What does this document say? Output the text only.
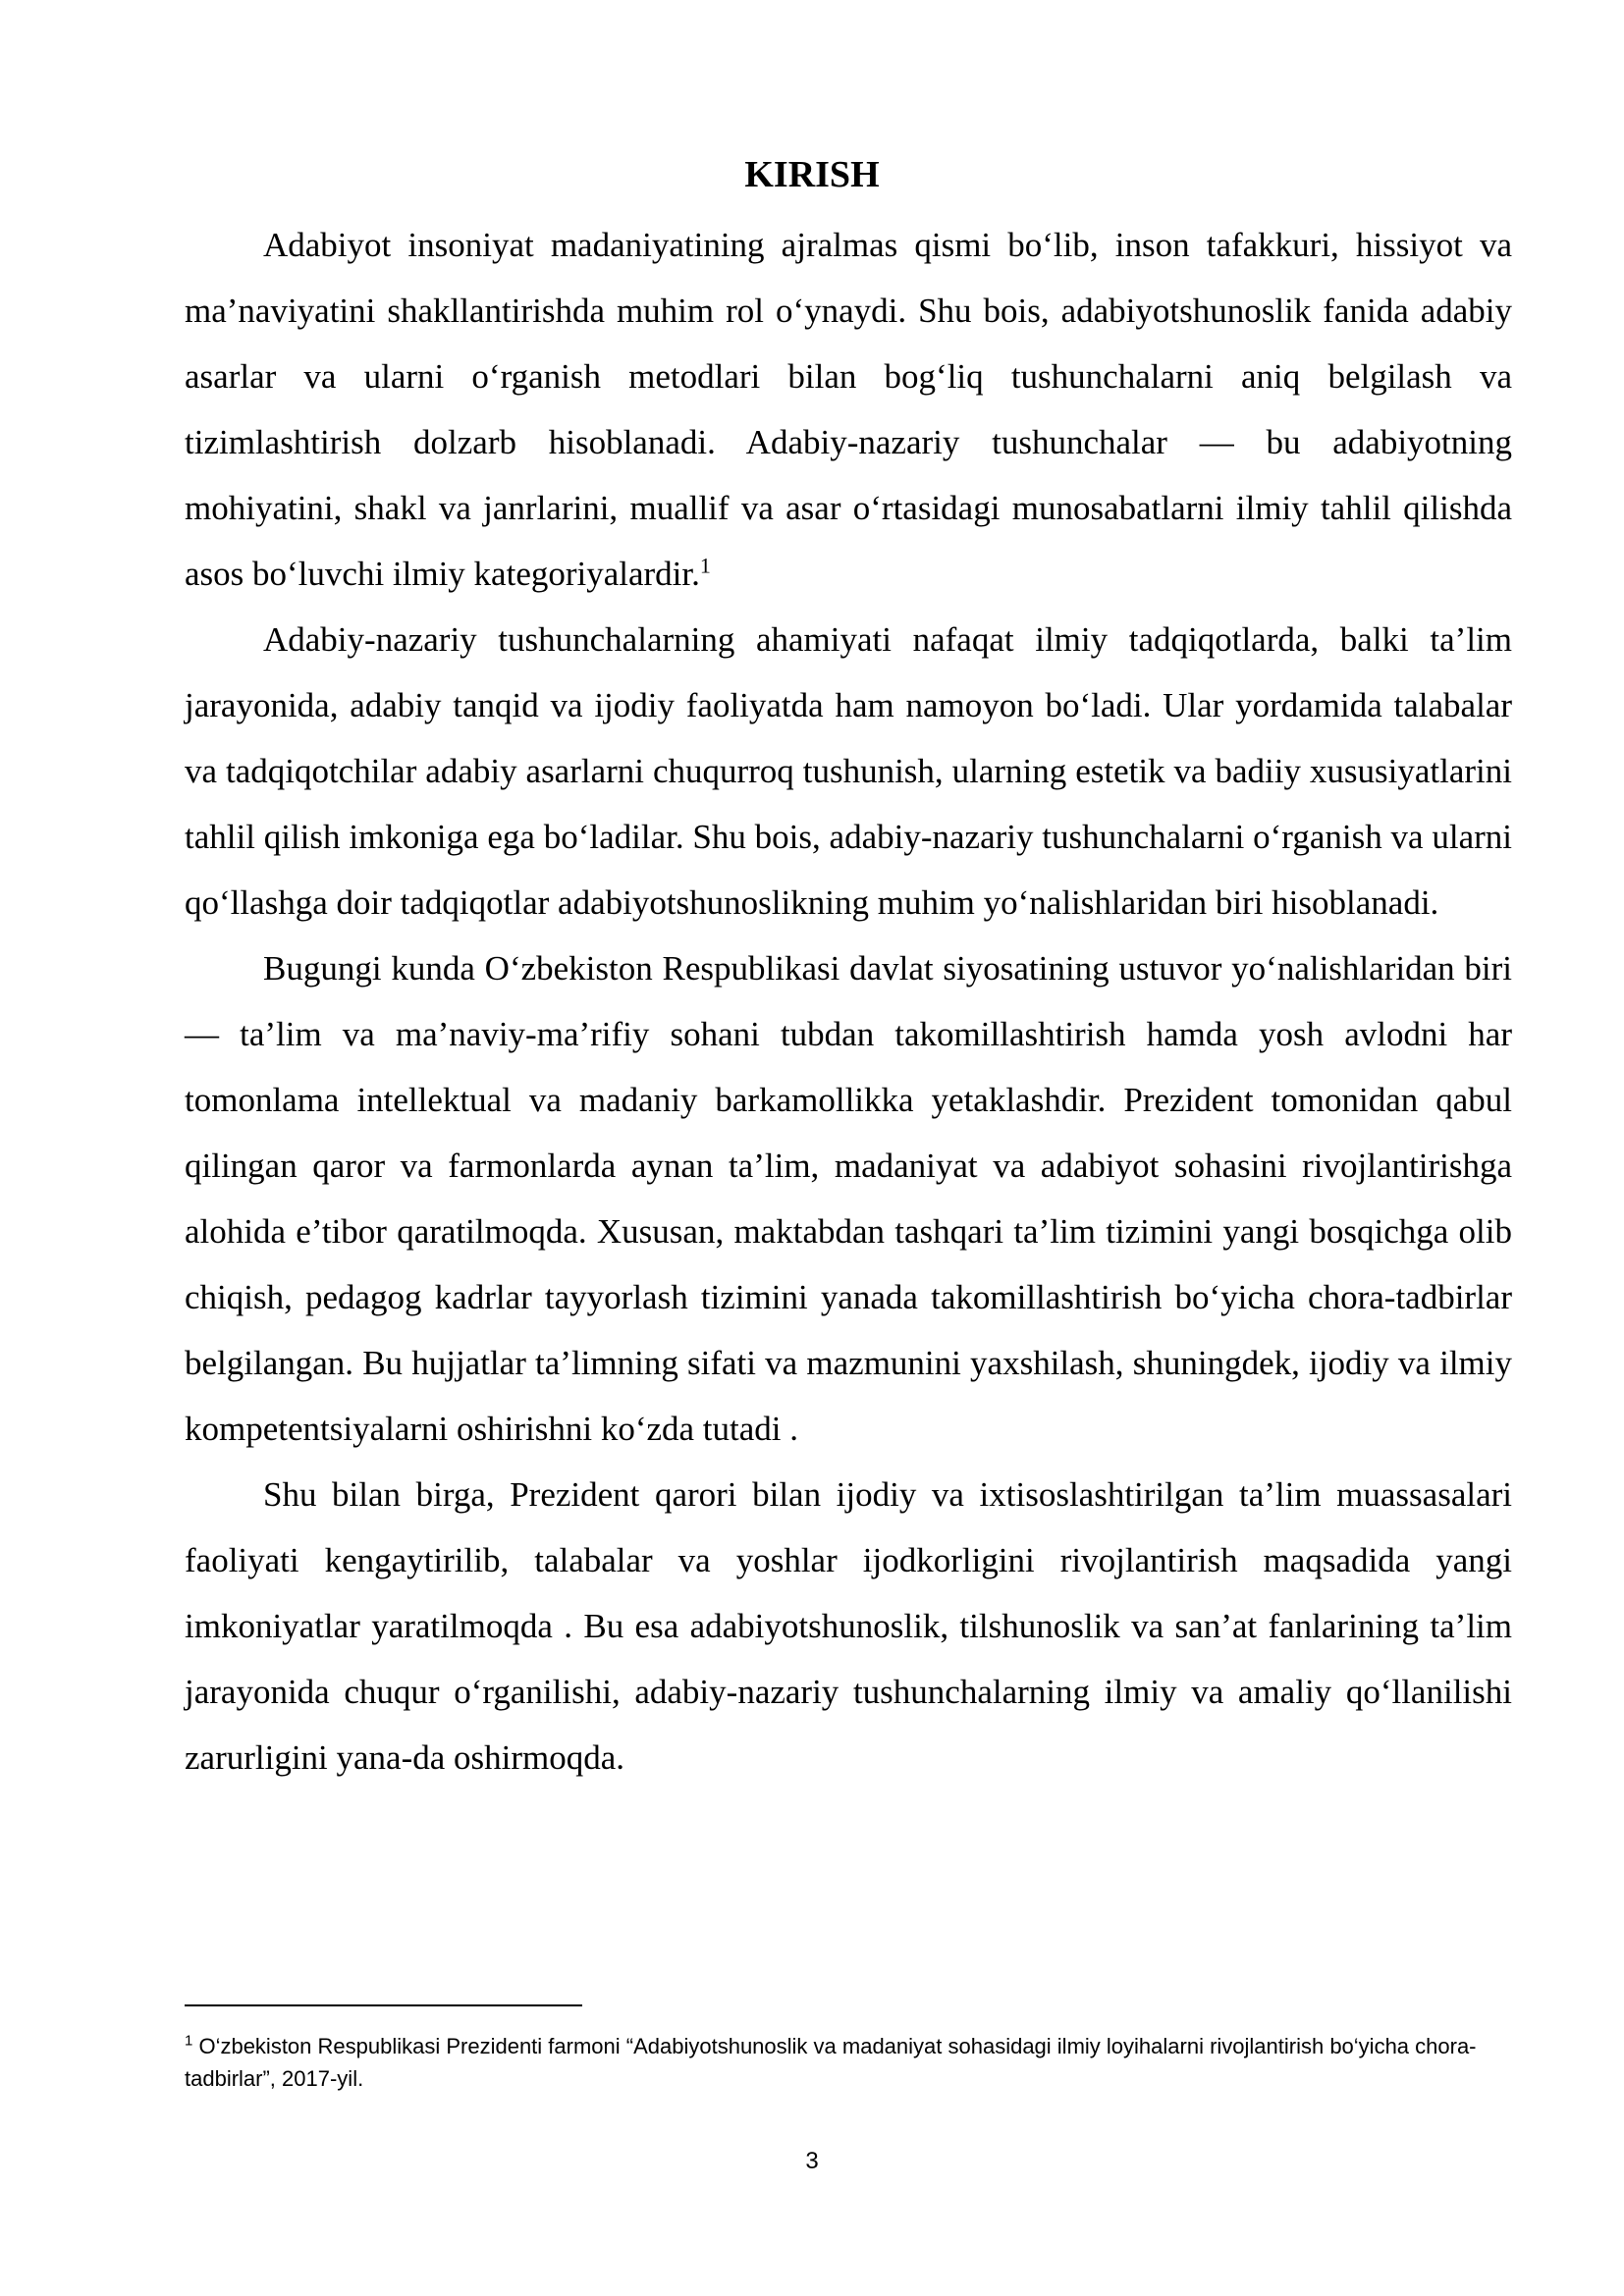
KIRISH

Adabiyot insoniyat madaniyatining ajralmas qismi bo‘lib, inson tafakkuri, hissiyot va ma’naviyatini shakllantirishda muhim rol o‘ynaydi. Shu bois, adabiyotshunoslik fanida adabiy asarlar va ularni o‘rganish metodlari bilan bog‘liq tushunchalarni aniq belgilash va tizimlashtirish dolzarb hisoblanadi. Adabiy-nazariy tushunchalar — bu adabiyotning mohiyatini, shakl va janrlarini, muallif va asar o‘rtasidagi munosabatlarni ilmiy tahlil qilishda asos bo‘luvchi ilmiy kategoriyalardir.$^1$

Adabiy-nazariy tushunchalarning ahamiyati nafaqat ilmiy tadqiqotlarda, balki ta’lim jarayonida, adabiy tanqid va ijodiy faoliyatda ham namoyon bo‘ladi. Ular yordamida talabalar va tadqiqotchilar adabiy asarlarni chuqurroq tushunish, ularning estetik va badiiy xususiyatlarini tahlil qilish imkoniga ega bo‘ladilar. Shu bois, adabiy-nazariy tushunchalarni o‘rganish va ularni qo‘llashga doir tadqiqotlar adabiyotshunoslikning muhim yo‘nalishlaridan biri hisoblanadi.

Bugungi kunda O‘zbekiston Respublikasi davlat siyosatining ustuvor yo‘nalishlaridan biri — ta’lim va ma’naviy-ma’rifiy sohani tubdan takomillashtirish hamda yosh avlodni har tomonlama intellektual va madaniy barkamollikka yetaklashdir. Prezident tomonidan qabul qilingan qaror va farmonlarda aynan ta’lim, madaniyat va adabiyot sohasini rivojlantirishga alohida e’tibor qaratilmoqda. Xususan, maktabdan tashqari ta’lim tizimini yangi bosqichga olib chiqish, pedagog kadrlar tayyorlash tizimini yanada takomillashtirish bo‘yicha chora-tadbirlar belgilangan. Bu hujjatlar ta’limning sifati va mazmunini yaxshilash, shuningdek, ijodiy va ilmiy kompetentsiyalarni oshirishni ko‘zda tutadi .

Shu bilan birga, Prezident qarori bilan ijodiy va ixtisoslashtirilgan ta’lim muassasalari faoliyati kengaytirilib, talabalar va yoshlar ijodkorligini rivojlantirish maqsadida yangi imkoniyatlar yaratilmoqda . Bu esa adabiyotshunoslik, tilshunoslik va san’at fanlarining ta’lim jarayonida chuqur o‘rganilishi, adabiy-nazariy tushunchalarning ilmiy va amaliy qo‘llanilishi zarurligini yana-da oshirmoqda.

$^1$ O‘zbekiston Respublikasi Prezidenti farmoni “Adabiyotshunoslik va madaniyat sohasidagi ilmiy loyihalarni rivojlantirish bo‘yicha chora-tadbirlar”, 2017-yil.
3
